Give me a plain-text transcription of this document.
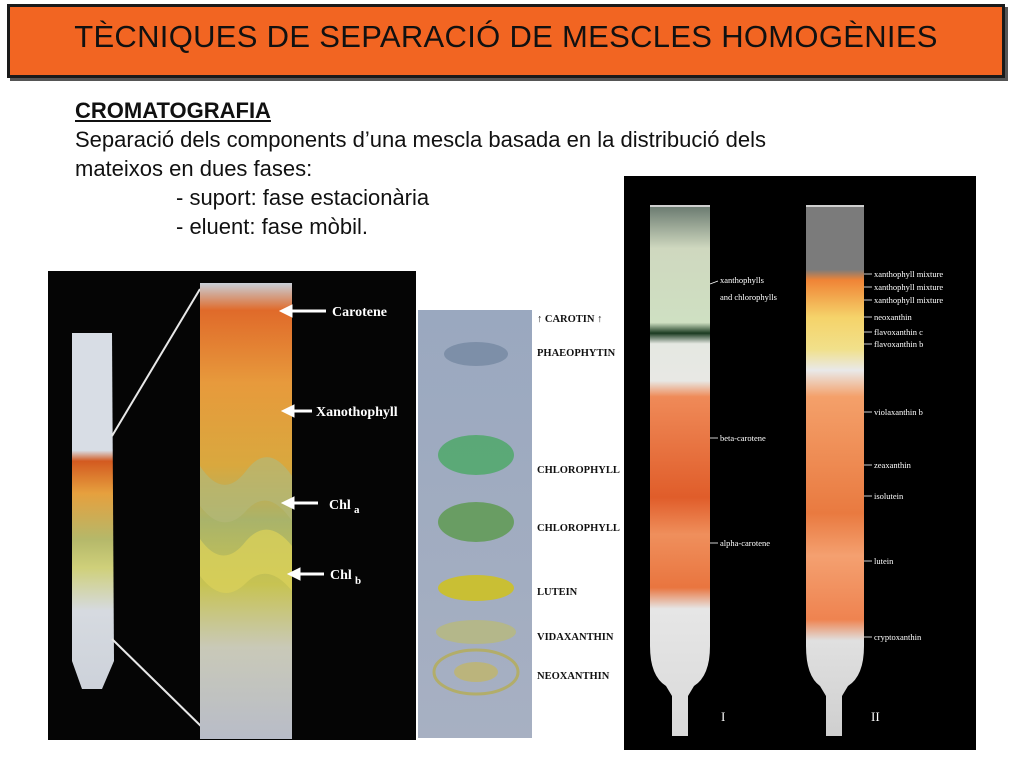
TÈCNIQUES DE SEPARACIÓ DE MESCLES HOMOGÈNIES
CROMATOGRAFIA
Separació dels components d’una mescla basada en la distribució dels
mateixos en dues fases:
- suport: fase estacionària
- eluent: fase mòbil.
Carotene
Xanothophyll
Chl a
Chl b
↑ CAROTIN ↑
PHAEOPHYTIN
CHLOROPHYLL
CHLOROPHYLL
LUTEIN
VIDAXANTHIN
NEOXANTHIN
xanthophylls
and chlorophylls
beta-carotene
alpha-carotene
xanthophyll mixture
xanthophyll mixture
xanthophyll mixture
neoxanthin
flavoxanthin c
flavoxanthin b
violaxanthin b
zeaxanthin
isolutein
lutein
cryptoxanthin
I	II
